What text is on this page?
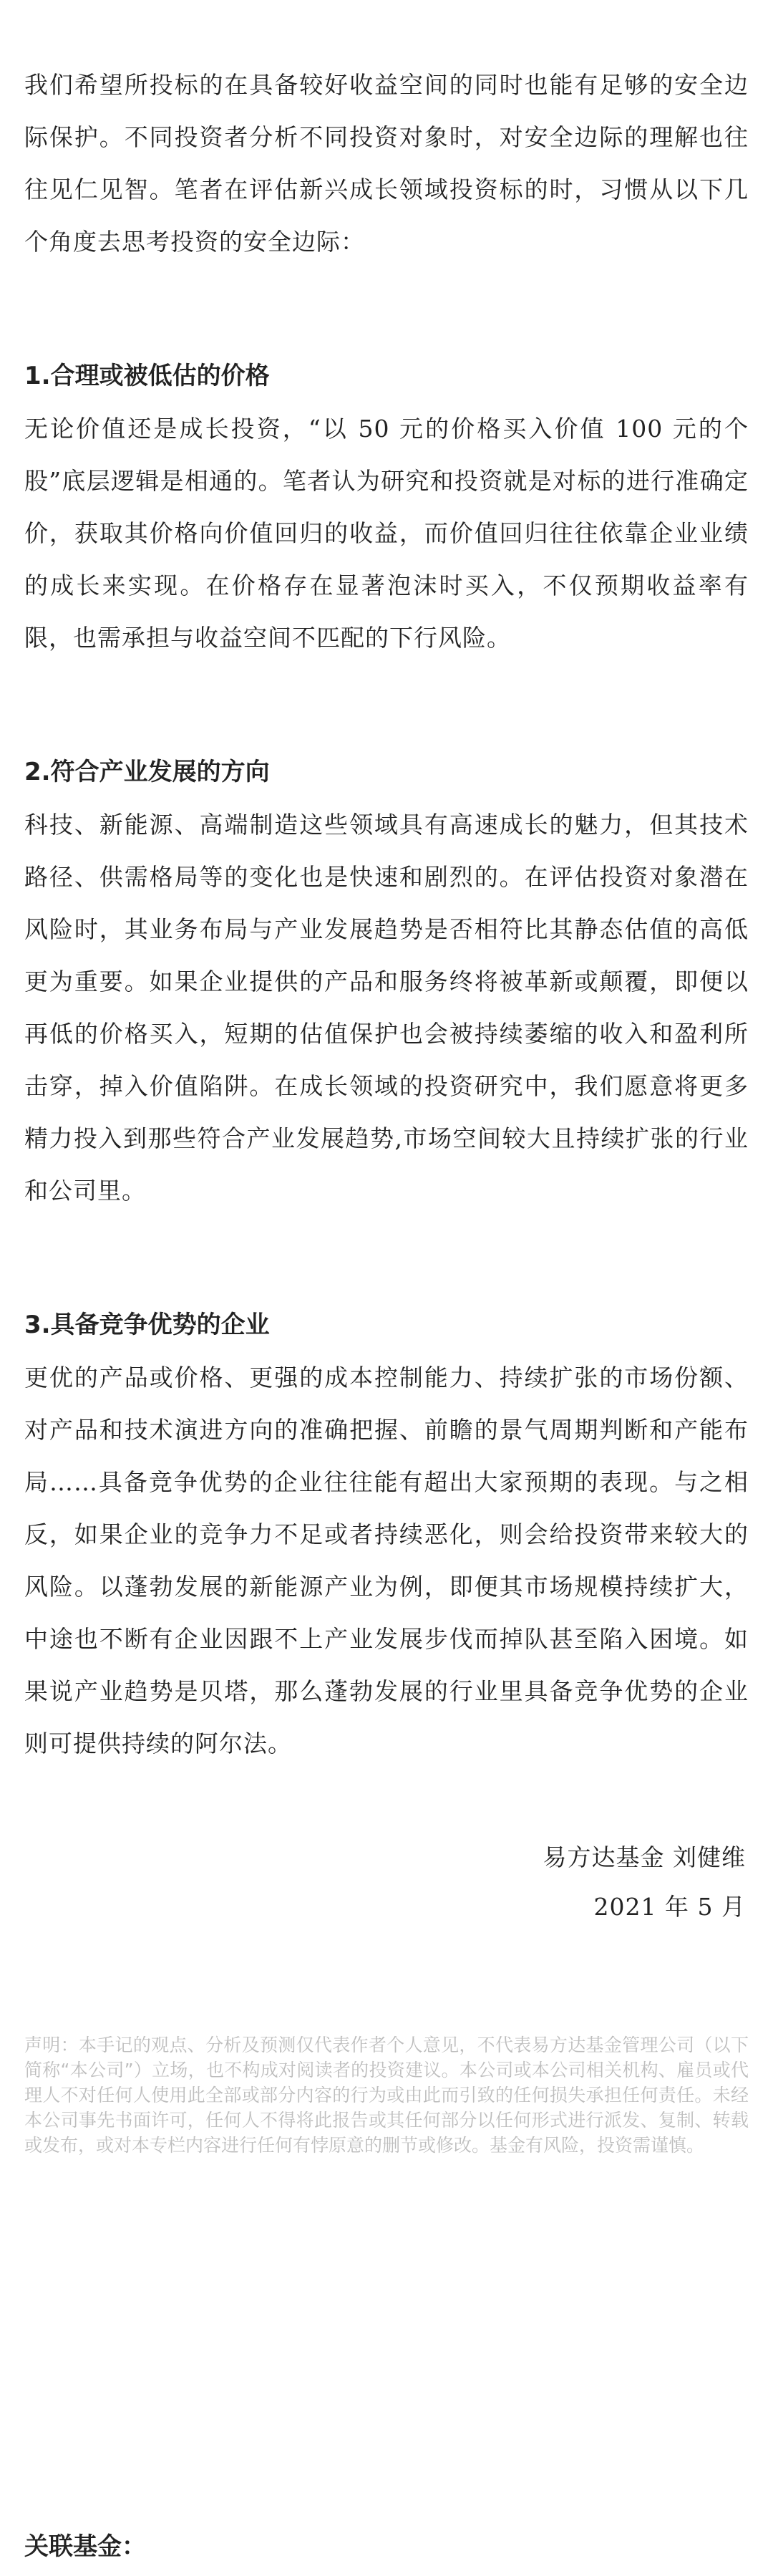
我们希望所投标的在具备较好收益空间的同时也能有足够的安全边际保护。不同投资者分析不同投资对象时，对安全边际的理解也往往见仁见智。笔者在评估新兴成长领域投资标的时，习惯从以下几个角度去思考投资的安全边际：

1.合理或被低估的价格

无论价值还是成长投资，“以 50 元的价格买入价值 100 元的个股”底层逻辑是相通的。笔者认为研究和投资就是对标的进行准确定价，获取其价格向价值回归的收益，而价值回归往往依靠企业业绩的成长来实现。在价格存在显著泡沫时买入，不仅预期收益率有限，也需承担与收益空间不匹配的下行风险。

2.符合产业发展的方向

科技、新能源、高端制造这些领域具有高速成长的魅力，但其技术路径、供需格局等的变化也是快速和剧烈的。在评估投资对象潜在风险时，其业务布局与产业发展趋势是否相符比其静态估值的高低更为重要。如果企业提供的产品和服务终将被革新或颠覆，即便以再低的价格买入，短期的估值保护也会被持续萎缩的收入和盈利所击穿，掉入价值陷阱。在成长领域的投资研究中，我们愿意将更多精力投入到那些符合产业发展趋势,市场空间较大且持续扩张的行业和公司里。

3.具备竞争优势的企业

更优的产品或价格、更强的成本控制能力、持续扩张的市场份额、对产品和技术演进方向的准确把握、前瞻的景气周期判断和产能布局……具备竞争优势的企业往往能有超出大家预期的表现。与之相反，如果企业的竞争力不足或者持续恶化，则会给投资带来较大的风险。以蓬勃发展的新能源产业为例，即便其市场规模持续扩大，中途也不断有企业因跟不上产业发展步伐而掉队甚至陷入困境。如果说产业趋势是贝塔，那么蓬勃发展的行业里具备竞争优势的企业则可提供持续的阿尔法。

易方达基金 刘健维
2021 年 5 月

声明：本手记的观点、分析及预测仅代表作者个人意见，不代表易方达基金管理公司（以下简称“本公司”）立场，也不构成对阅读者的投资建议。本公司或本公司相关机构、雇员或代理人不对任何人使用此全部或部分内容的行为或由此而引致的任何损失承担任何责任。未经本公司事先书面许可，任何人不得将此报告或其任何部分以任何形式进行派发、复制、转载或发布，或对本专栏内容进行任何有悖原意的删节或修改。基金有风险，投资需谨慎。

关联基金：
